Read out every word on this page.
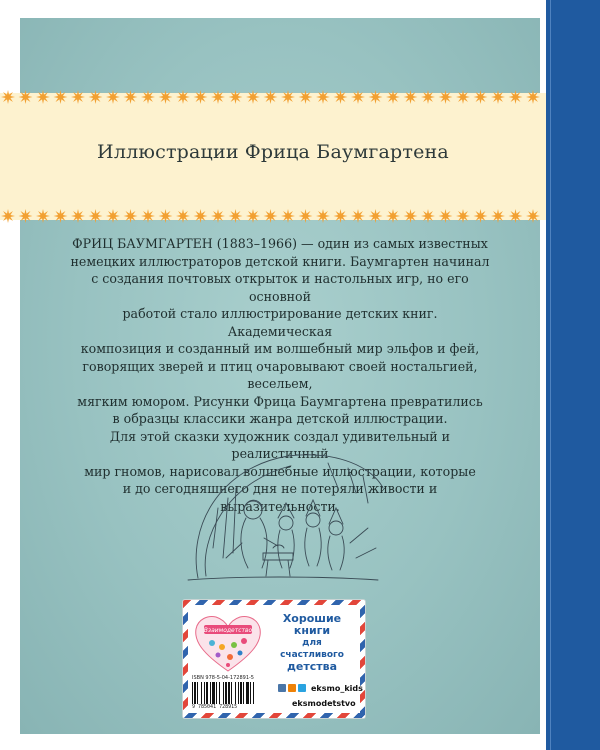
Иллюстрации Фрица Баумгартена

ФРИЦ БАУМГАРТЕН (1883–1966) — один из самых известных

немецких иллюстраторов детской книги. Баумгартен начинал

с создания почтовых открыток и настольных игр, но его основной

работой стало иллюстрирование детских книг. Академическая

композиция и созданный им волшебный мир эльфов и фей,

говорящих зверей и птиц очаровывают своей ностальгией, весельем,

мягким юмором. Рисунки Фрица Баумгартена превратились

в образцы классики жанра детской иллюстрации.

Для этой сказки художник создал удивительный и реалистичный

мир гномов, нарисовал волшебные иллюстрации, которые

и до сегодняшнего дня не потеряли живости и выразительности.

Взаимодетство
Хорошие
книги
для счастливого
детства
ISBN 978-5-04-172891-5
9 785041 728915
eksmo_kids
eksmodetstvo
